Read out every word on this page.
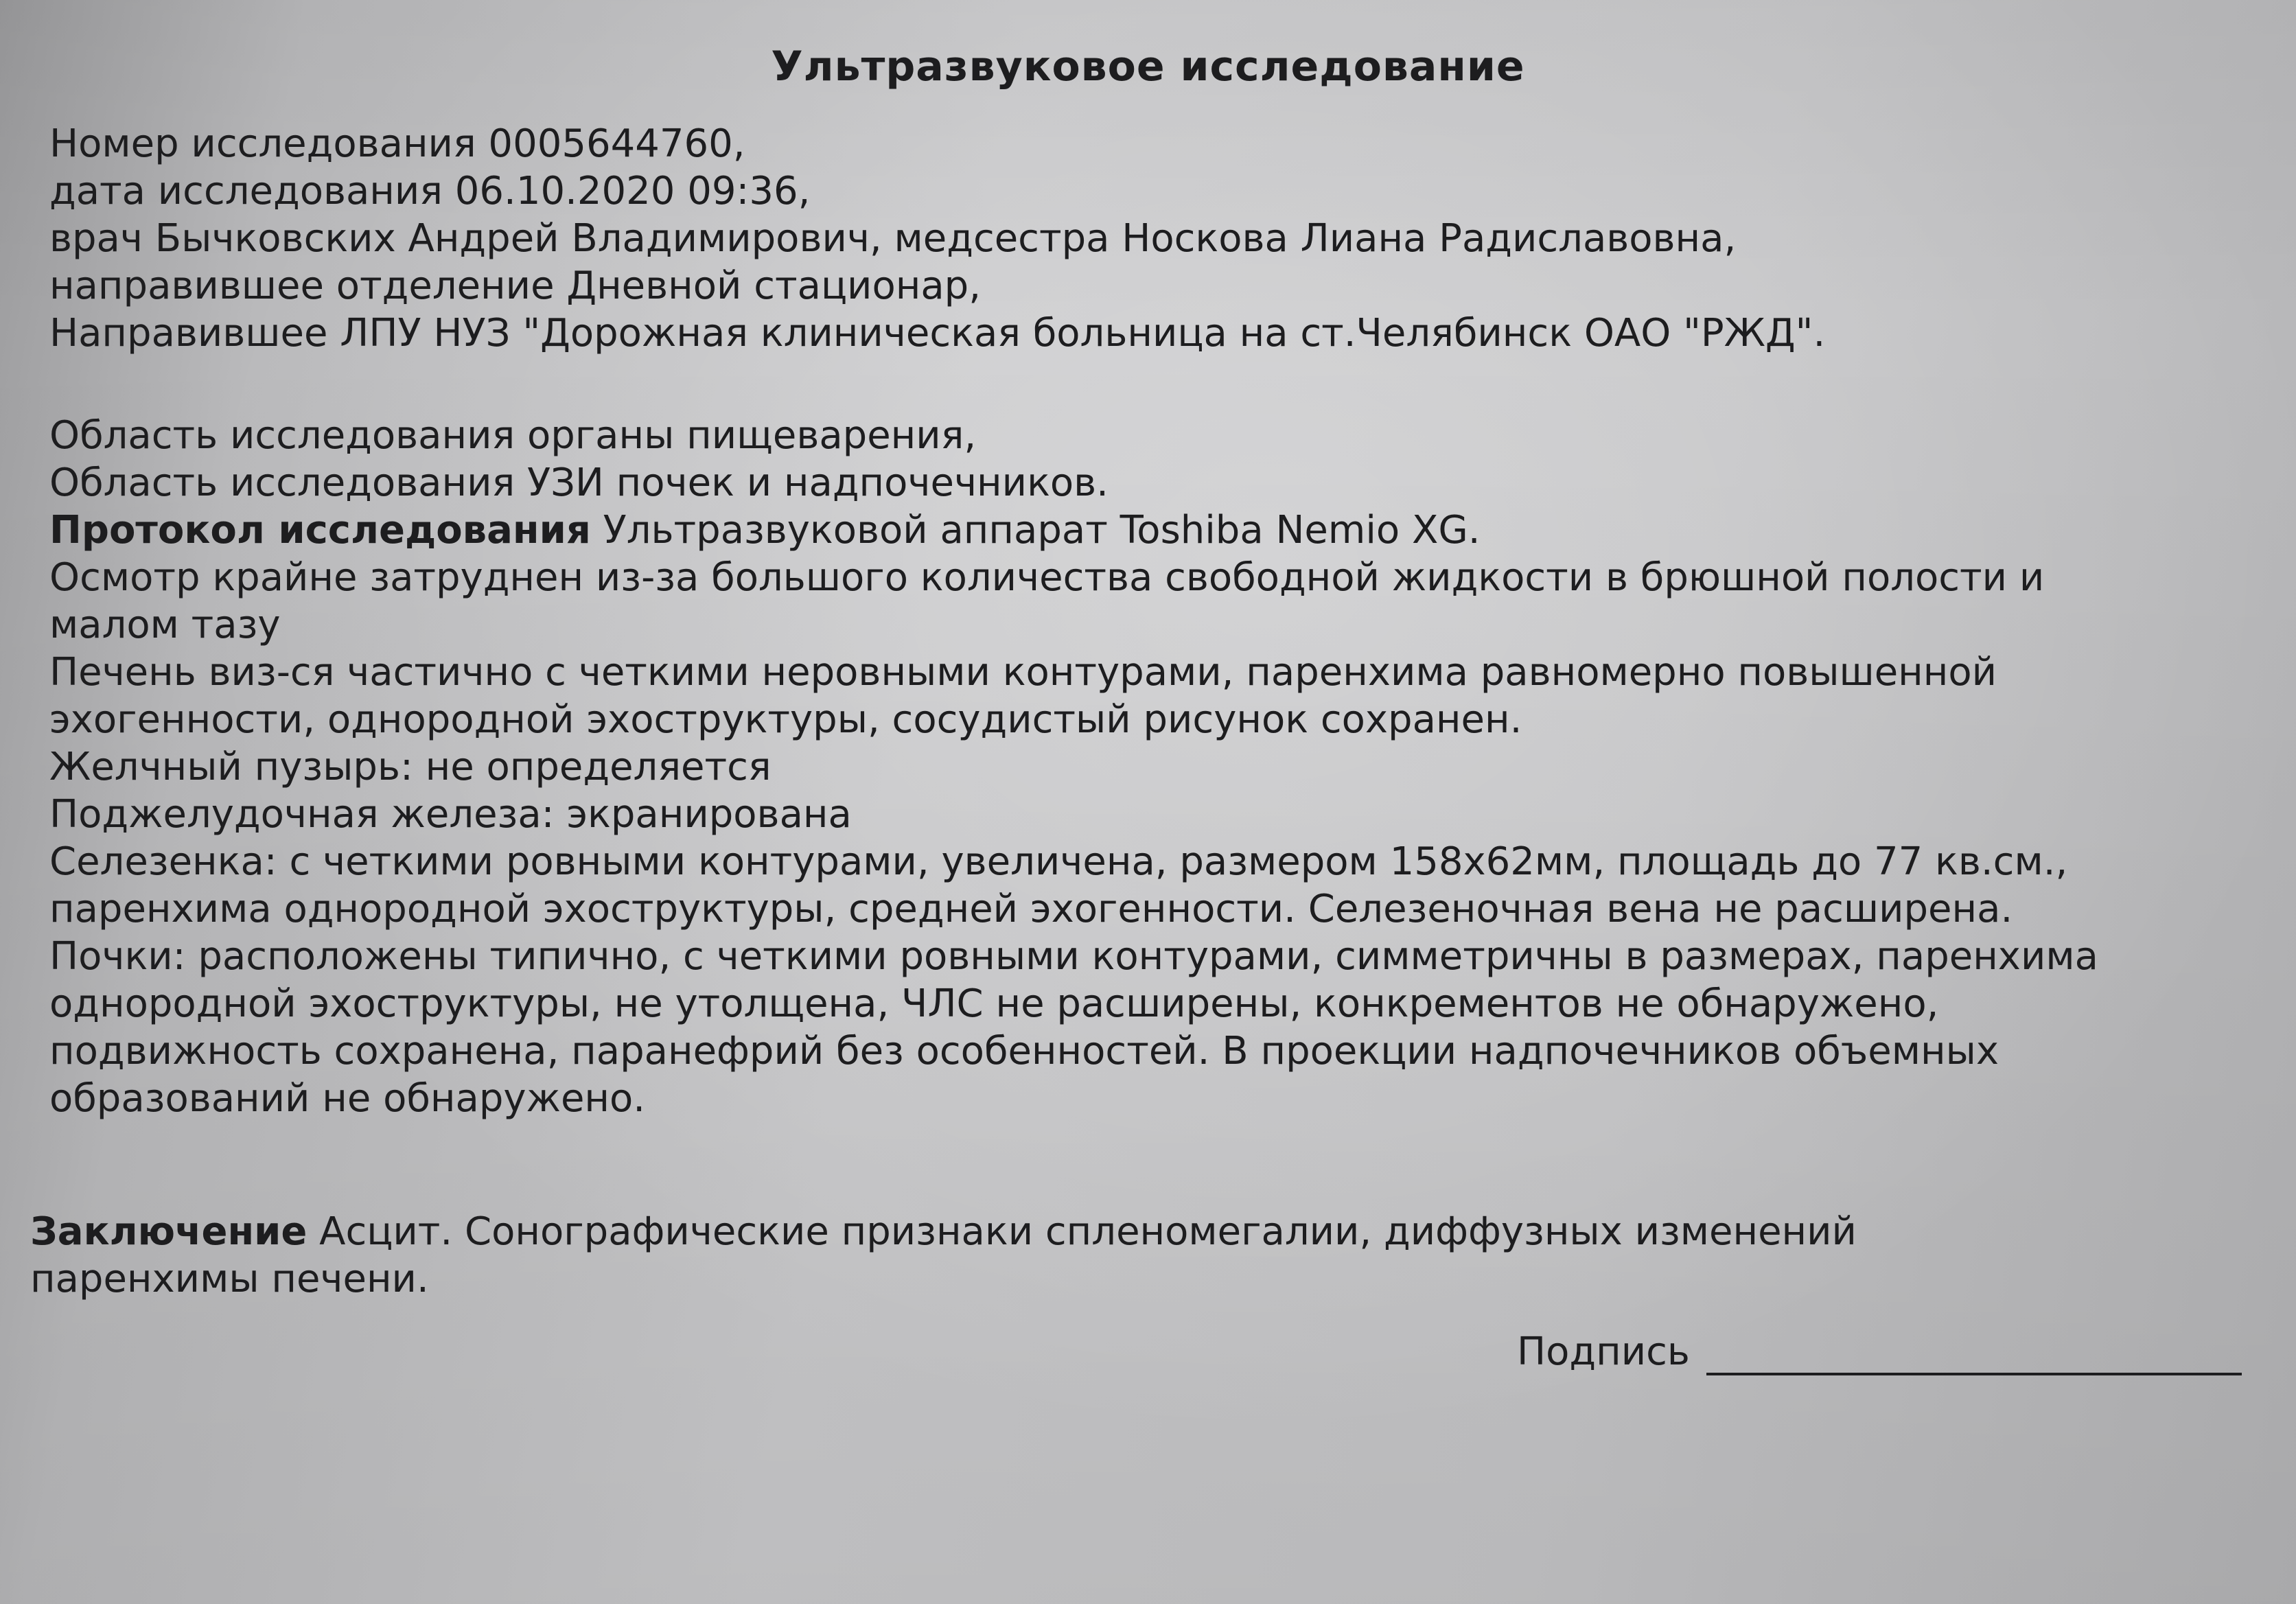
Ультразвуковое исследование

Номер исследования 0005644760,

дата исследования 06.10.2020 09:36,

врач Бычковских Андрей Владимирович, медсестра Носкова Лиана Радиславовна,

направившее отделение Дневной стационар,

Направившее ЛПУ НУЗ "Дорожная клиническая больница на ст.Челябинск ОАО "РЖД".

Область исследования органы пищеварения,

Область исследования УЗИ почек и надпочечников.

Протокол исследования Ультразвуковой аппарат Toshiba Nemio XG.

Осмотр крайне затруднен из-за большого количества свободной жидкости в брюшной полости и

малом тазу

Печень виз-ся частично с четкими неровными контурами, паренхима равномерно повышенной

эхогенности, однородной эхоструктуры, сосудистый рисунок сохранен.

Желчный пузырь: не определяется

Поджелудочная железа: экранирована

Селезенка: с четкими ровными контурами, увеличена, размером 158х62мм, площадь до 77 кв.см.,

паренхима однородной эхоструктуры, средней эхогенности. Селезеночная вена не расширена.

Почки: расположены типично, с четкими ровными контурами, симметричны в размерах, паренхима

однородной эхоструктуры, не утолщена, ЧЛС не расширены, конкрементов не обнаружено,

подвижность сохранена, паранефрий без особенностей. В проекции надпочечников объемных

образований не обнаружено.

Заключение Асцит. Сонографические признаки спленомегалии, диффузных изменений

паренхимы печени.

Подпись
